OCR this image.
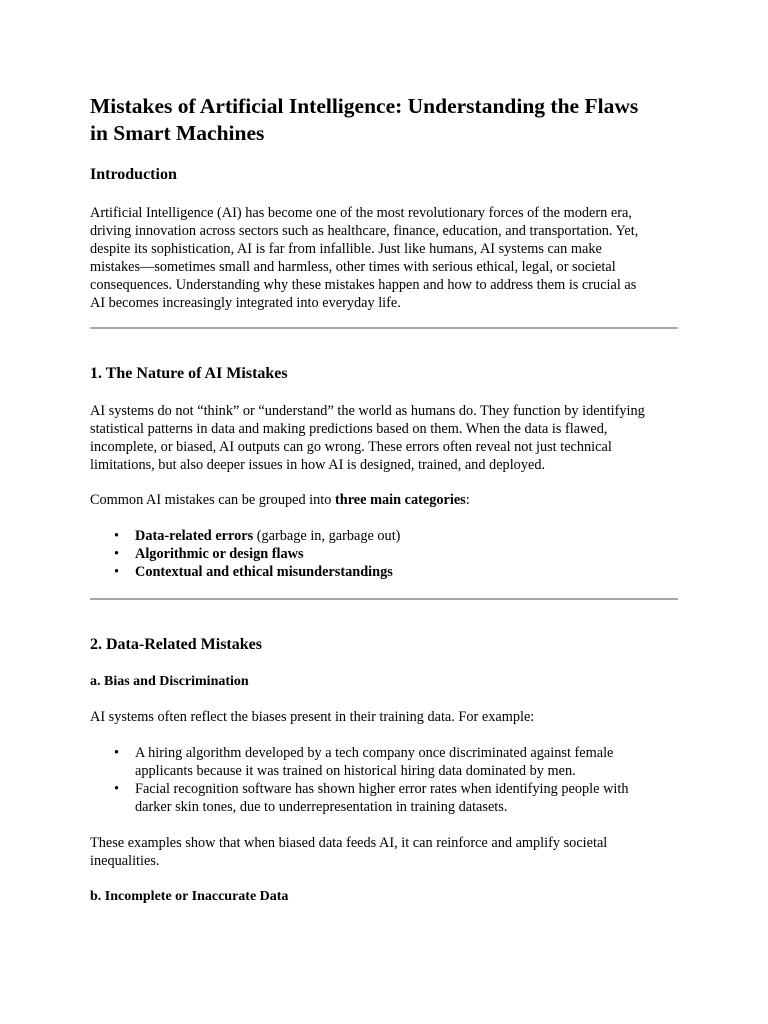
Mistakes of Artificial Intelligence: Understanding the Flaws
in Smart Machines
Introduction
Artificial Intelligence (AI) has become one of the most revolutionary forces of the modern era,
driving innovation across sectors such as healthcare, finance, education, and transportation. Yet,
despite its sophistication, AI is far from infallible. Just like humans, AI systems can make
mistakes—sometimes small and harmless, other times with serious ethical, legal, or societal
consequences. Understanding why these mistakes happen and how to address them is crucial as
AI becomes increasingly integrated into everyday life.
1. The Nature of AI Mistakes
AI systems do not “think” or “understand” the world as humans do. They function by identifying
statistical patterns in data and making predictions based on them. When the data is flawed,
incomplete, or biased, AI outputs can go wrong. These errors often reveal not just technical
limitations, but also deeper issues in how AI is designed, trained, and deployed.
Common AI mistakes can be grouped into three main categories:
• Data-related errors (garbage in, garbage out)
• Algorithmic or design flaws
• Contextual and ethical misunderstandings
2. Data-Related Mistakes
a. Bias and Discrimination
AI systems often reflect the biases present in their training data. For example:
• A hiring algorithm developed by a tech company once discriminated against female
applicants because it was trained on historical hiring data dominated by men.
• Facial recognition software has shown higher error rates when identifying people with
darker skin tones, due to underrepresentation in training datasets.
These examples show that when biased data feeds AI, it can reinforce and amplify societal
inequalities.
b. Incomplete or Inaccurate Data
